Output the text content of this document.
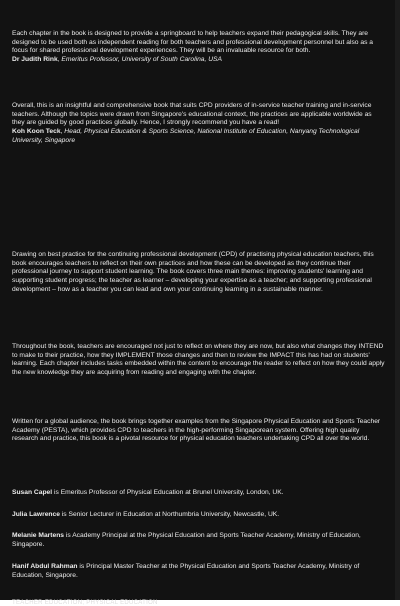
Each chapter in the book is designed to provide a springboard to help teachers expand their pedagogical skills. They are designed to be used both as independent reading for both teachers and professional development personnel but also as a focus for shared professional development experiences. They will be an invaluable resource for both.

Dr Judith Rink, Emeritus Professor, University of South Carolina, USA

Overall, this is an insightful and comprehensive book that suits CPD providers of in-service teacher training and in-service teachers. Although the topics were drawn from Singapore's educational context, the practices are applicable worldwide as they are guided by good practices globally. Hence, I strongly recommend you have a read!

Koh Koon Teck, Head, Physical Education & Sports Science, National Institute of Education, Nanyang Technological University, Singapore

Drawing on best practice for the continuing professional development (CPD) of practising physical education teachers, this book encourages teachers to reflect on their own practices and how these can be developed as they continue their professional journey to support student learning. The book covers three main themes: improving students' learning and supporting student progress; the teacher as learner – developing your expertise as a teacher; and supporting professional development – how as a teacher you can lead and own your continuing learning in a sustainable manner.
Throughout the book, teachers are encouraged not just to reflect on where they are now, but also what changes they INTEND to make to their practice, how they IMPLEMENT those changes and then to review the IMPACT this has had on students' learning. Each chapter includes tasks embedded within the content to encourage the reader to reflect on how they could apply the new knowledge they are acquiring from reading and engaging with the chapter.
Written for a global audience, the book brings together examples from the Singapore Physical Education and Sports Teacher Academy (PESTA), which provides CPD to teachers in the high-performing Singaporean system. Offering high quality research and practice, this book is a pivotal resource for physical education teachers undertaking CPD all over the world.
Susan Capel is Emeritus Professor of Physical Education at Brunel University, London, UK.
Julia Lawrence is Senior Lecturer in Education at Northumbria University, Newcastle, UK.
Melanie Martens is Academy Principal at the Physical Education and Sports Teacher Academy, Ministry of Education, Singapore.
Hanif Abdul Rahman is Principal Master Teacher at the Physical Education and Sports Teacher Academy, Ministry of Education, Singapore.
TEACHER EDUCATION; PHYSICAL EDUCATION
